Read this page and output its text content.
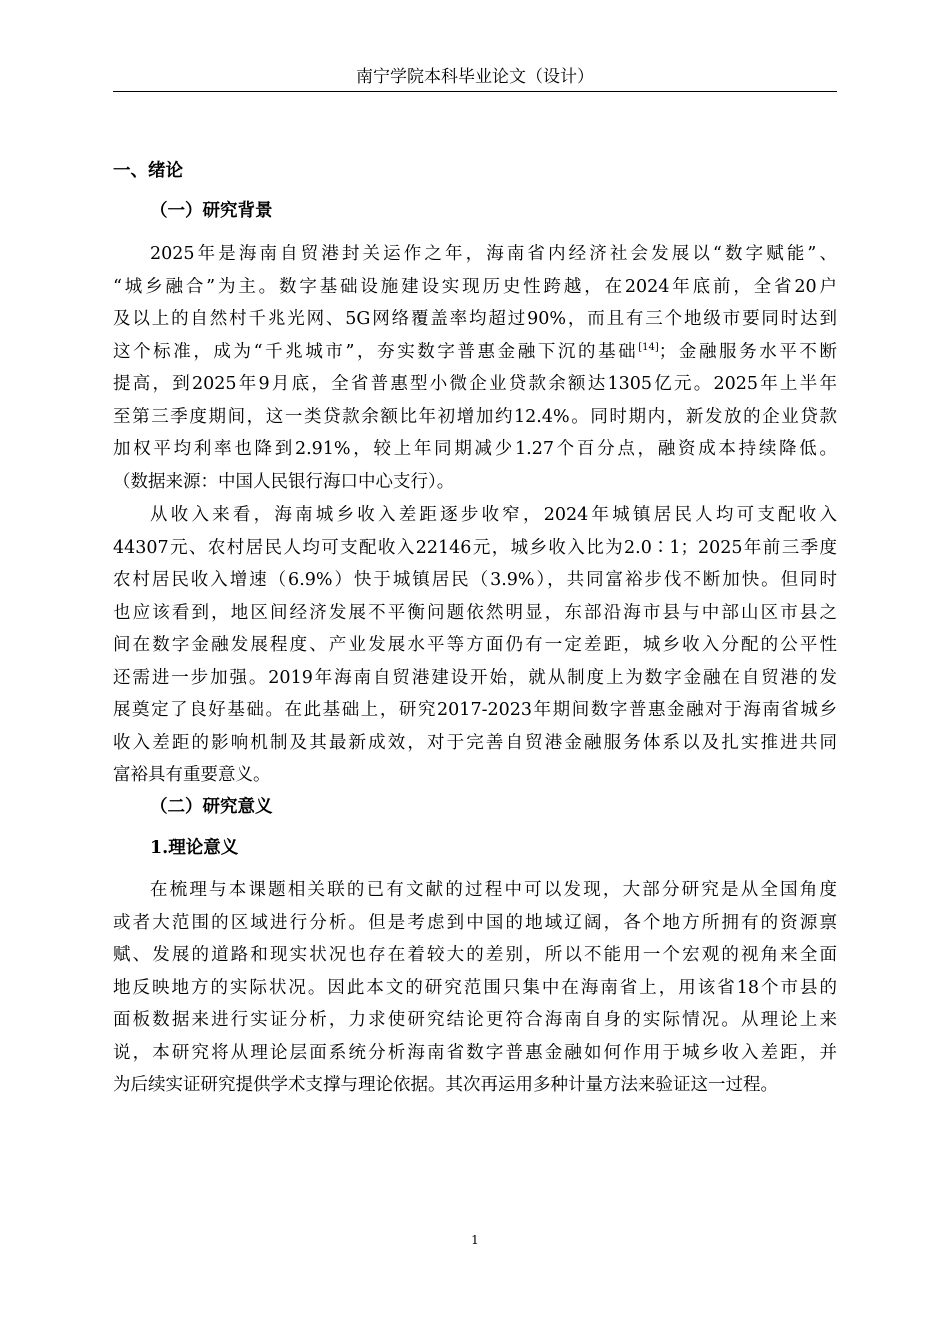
南宁学院本科毕业论文（设计）
一、绪论
（一）研究背景
2025年是海南自贸港封关运作之年，海南省内经济社会发展以“数字赋能”、
“城乡融合”为主。数字基础设施建设实现历史性跨越，在2024年底前，全省20户
及以上的自然村千兆光网、5G网络覆盖率均超过90%，而且有三个地级市要同时达到
这个标准，成为“千兆城市”，夯实数字普惠金融下沉的基础[14]；金融服务水平不断
提高，到2025年9月底，全省普惠型小微企业贷款余额达1305亿元。2025年上半年
至第三季度期间，这一类贷款余额比年初增加约12.4%。同时期内，新发放的企业贷款
加权平均利率也降到2.91%，较上年同期减少1.27个百分点，融资成本持续降低。
（数据来源：中国人民银行海口中心支行）。
从收入来看，海南城乡收入差距逐步收窄，2024年城镇居民人均可支配收入
44307元、农村居民人均可支配收入22146元，城乡收入比为2.0∶1；2025年前三季度
农村居民收入增速（6.9%）快于城镇居民（3.9%），共同富裕步伐不断加快。但同时
也应该看到，地区间经济发展不平衡问题依然明显，东部沿海市县与中部山区市县之
间在数字金融发展程度、产业发展水平等方面仍有一定差距，城乡收入分配的公平性
还需进一步加强。2019年海南自贸港建设开始，就从制度上为数字金融在自贸港的发
展奠定了良好基础。在此基础上，研究2017-2023年期间数字普惠金融对于海南省城乡
收入差距的影响机制及其最新成效，对于完善自贸港金融服务体系以及扎实推进共同
富裕具有重要意义。
（二）研究意义
1.理论意义
在梳理与本课题相关联的已有文献的过程中可以发现，大部分研究是从全国角度
或者大范围的区域进行分析。但是考虑到中国的地域辽阔，各个地方所拥有的资源禀
赋、发展的道路和现实状况也存在着较大的差别，所以不能用一个宏观的视角来全面
地反映地方的实际状况。因此本文的研究范围只集中在海南省上，用该省18个市县的
面板数据来进行实证分析，力求使研究结论更符合海南自身的实际情况。从理论上来
说，本研究将从理论层面系统分析海南省数字普惠金融如何作用于城乡收入差距，并
为后续实证研究提供学术支撑与理论依据。其次再运用多种计量方法来验证这一过程。
1
